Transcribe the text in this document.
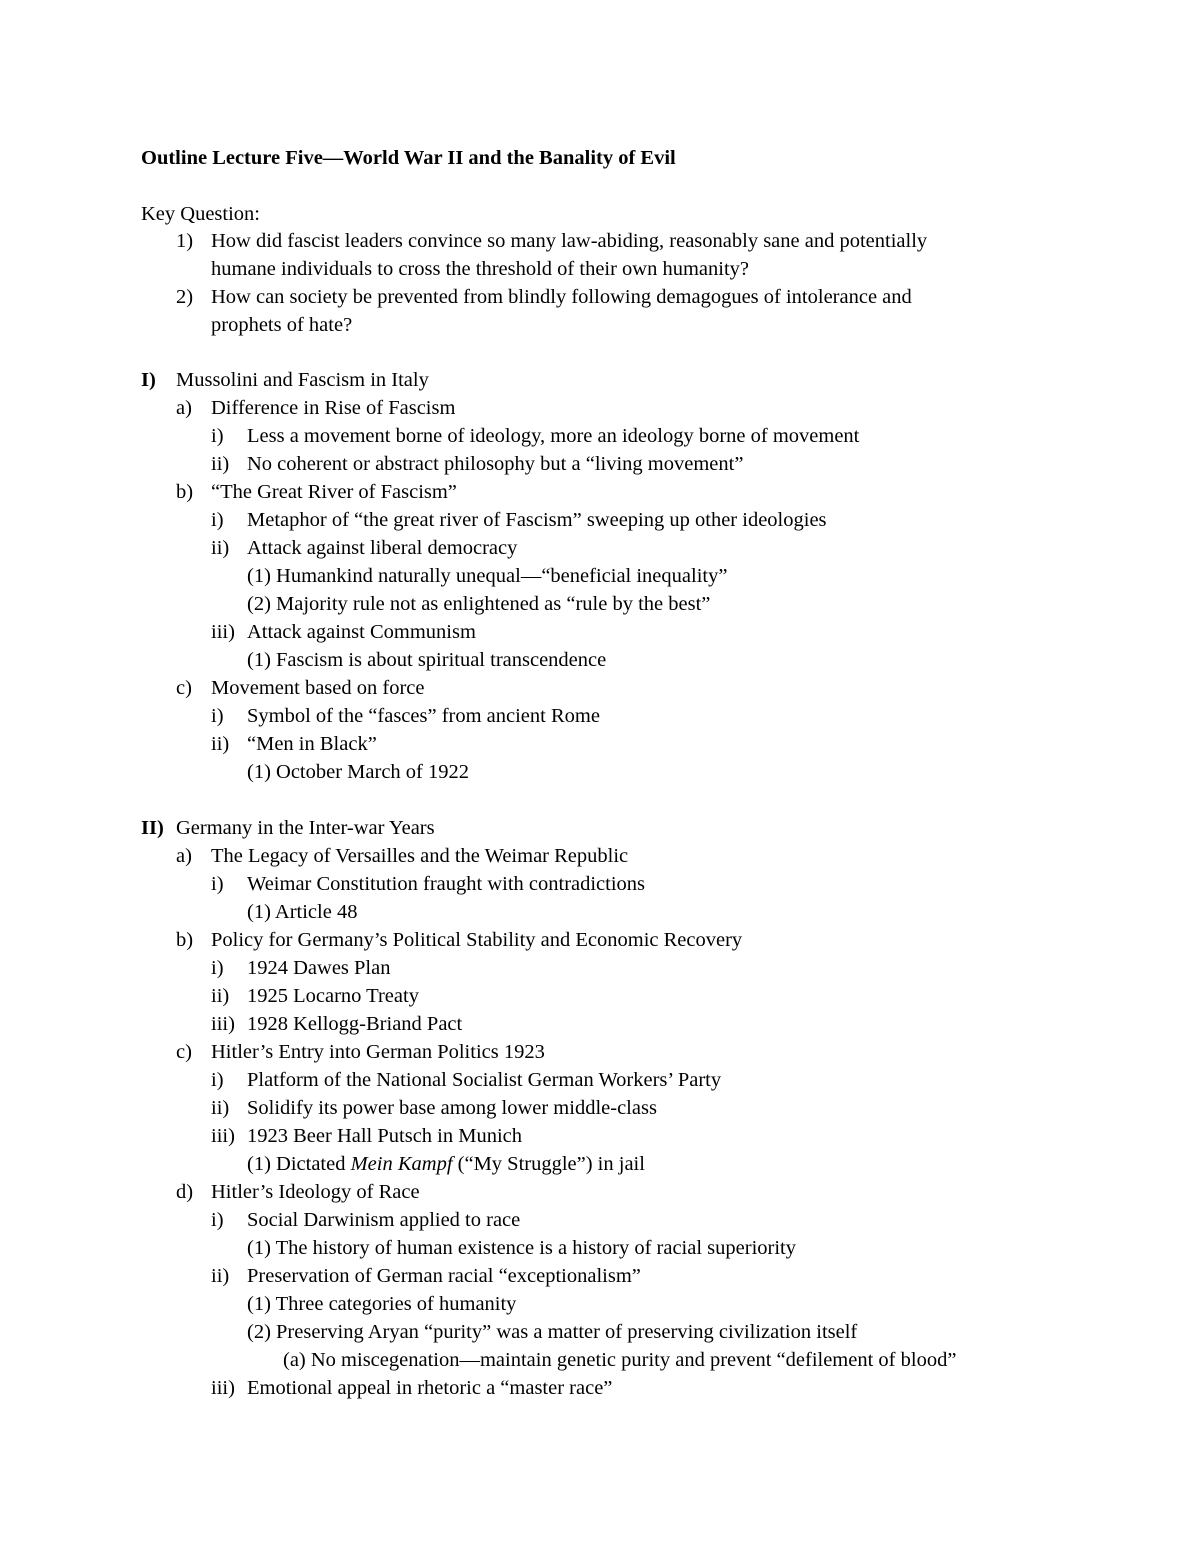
Outline Lecture Five—World War II and the Banality of Evil
Key Question:
1) How did fascist leaders convince so many law-abiding, reasonably sane and potentially
humane individuals to cross the threshold of their own humanity?
2) How can society be prevented from blindly following demagogues of intolerance and
prophets of hate?
I) Mussolini and Fascism in Italy
a) Difference in Rise of Fascism
i) Less a movement borne of ideology, more an ideology borne of movement
ii) No coherent or abstract philosophy but a “living movement”
b) “The Great River of Fascism”
i) Metaphor of “the great river of Fascism” sweeping up other ideologies
ii) Attack against liberal democracy
(1) Humankind naturally unequal—“beneficial inequality”
(2) Majority rule not as enlightened as “rule by the best”
iii) Attack against Communism
(1) Fascism is about spiritual transcendence
c) Movement based on force
i) Symbol of the “fasces” from ancient Rome
ii) “Men in Black”
(1) October March of 1922
II) Germany in the Inter-war Years
a) The Legacy of Versailles and the Weimar Republic
i) Weimar Constitution fraught with contradictions
(1) Article 48
b) Policy for Germany’s Political Stability and Economic Recovery
i) 1924 Dawes Plan
ii) 1925 Locarno Treaty
iii) 1928 Kellogg-Briand Pact
c) Hitler’s Entry into German Politics 1923
i) Platform of the National Socialist German Workers’ Party
ii) Solidify its power base among lower middle-class
iii) 1923 Beer Hall Putsch in Munich
(1) Dictated Mein Kampf (“My Struggle”) in jail
d) Hitler’s Ideology of Race
i) Social Darwinism applied to race
(1) The history of human existence is a history of racial superiority
ii) Preservation of German racial “exceptionalism”
(1) Three categories of humanity
(2) Preserving Aryan “purity” was a matter of preserving civilization itself
(a) No miscegenation—maintain genetic purity and prevent “defilement of blood”
iii) Emotional appeal in rhetoric a “master race”
